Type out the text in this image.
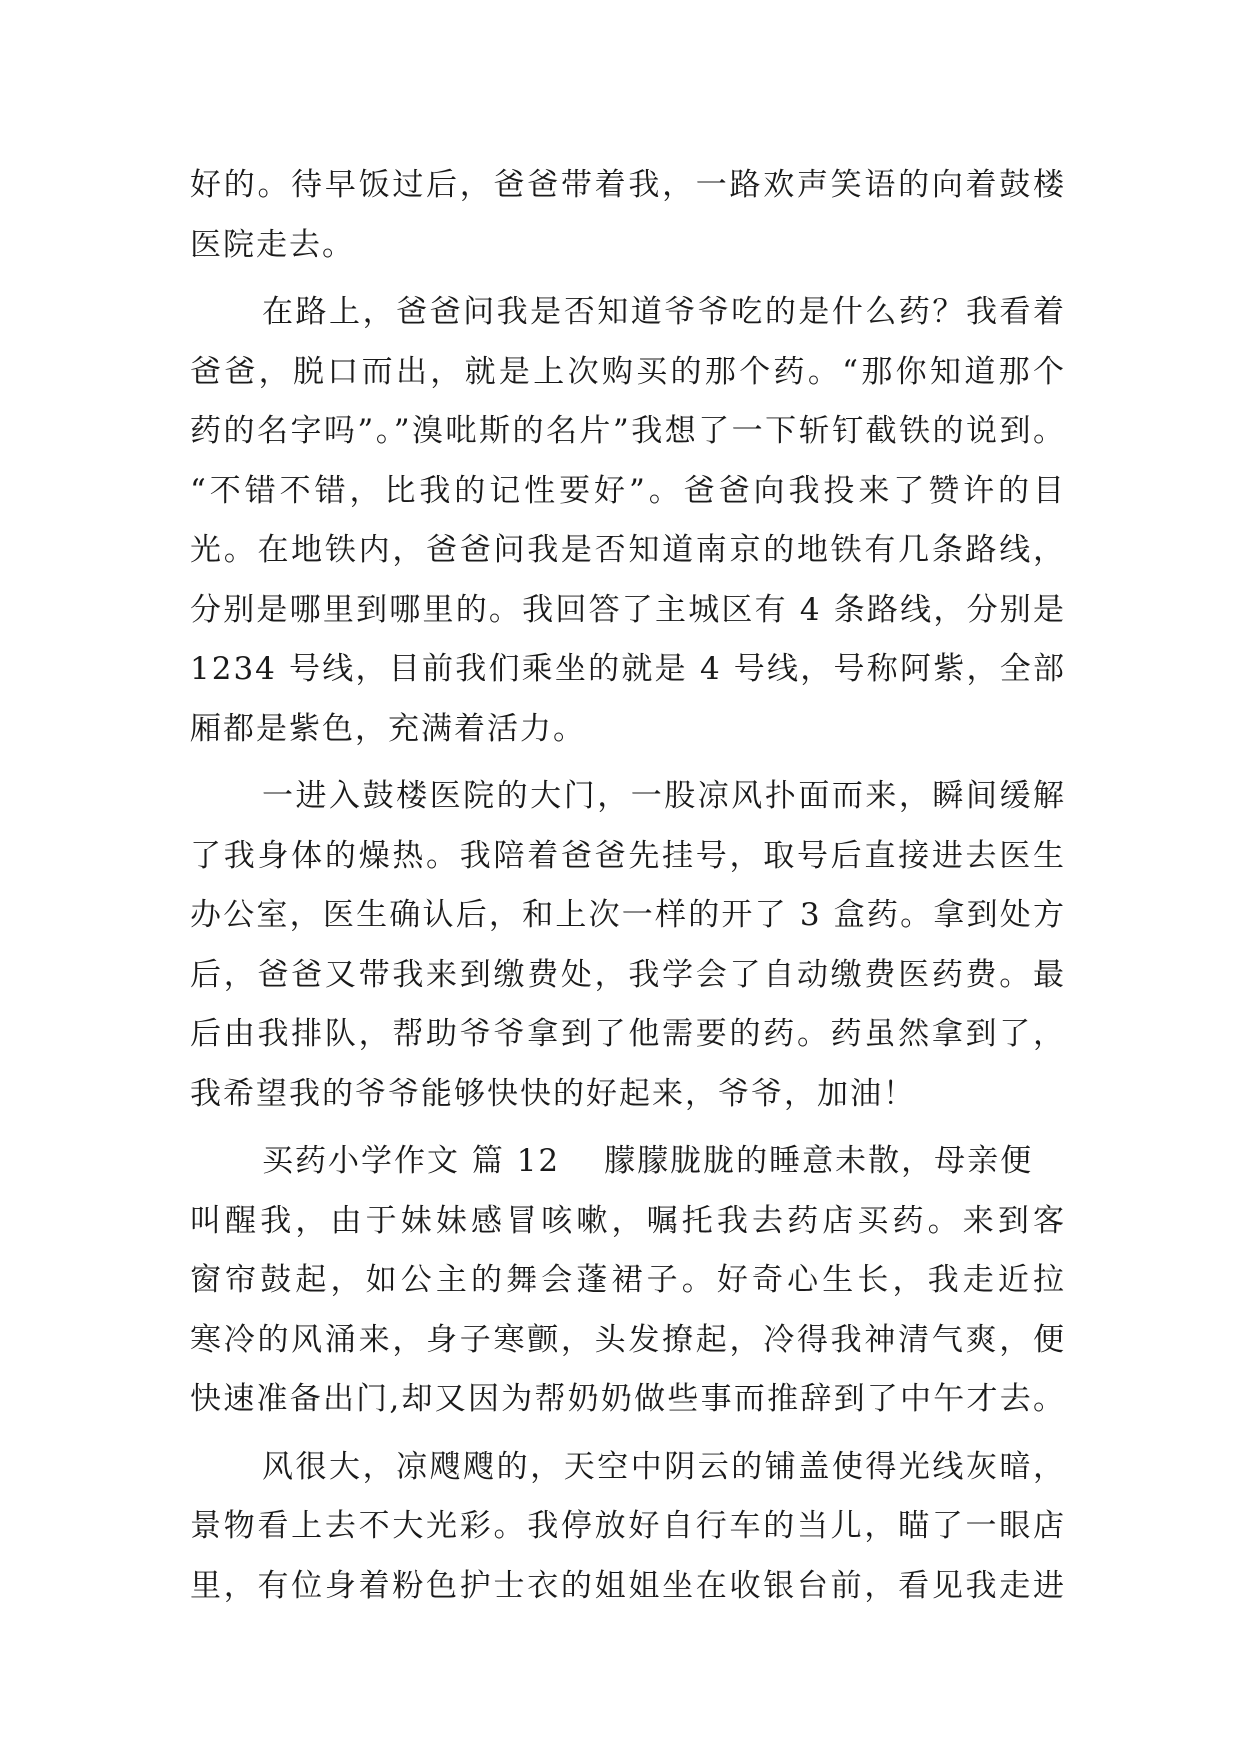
好的。待早饭过后，爸爸带着我，一路欢声笑语的向着鼓楼
医院走去。
在路上，爸爸问我是否知道爷爷吃的是什么药？我看着
爸爸，脱口而出，就是上次购买的那个药。“那你知道那个
药的名字吗”。”溴吡斯的名片”我想了一下斩钉截铁的说到。
“不错不错，比我的记性要好”。爸爸向我投来了赞许的目
光。在地铁内，爸爸问我是否知道南京的地铁有几条路线，
分别是哪里到哪里的。我回答了主城区有 4 条路线，分别是
1234 号线，目前我们乘坐的就是 4 号线，号称阿紫，全部
厢都是紫色，充满着活力。
一进入鼓楼医院的大门，一股凉风扑面而来，瞬间缓解
了我身体的燥热。我陪着爸爸先挂号，取号后直接进去医生
办公室，医生确认后，和上次一样的开了 3 盒药。拿到处方
后，爸爸又带我来到缴费处，我学会了自动缴费医药费。最
后由我排队，帮助爷爷拿到了他需要的药。药虽然拿到了，
我希望我的爷爷能够快快的好起来，爷爷，加油！
买药小学作文 篇 12 朦朦胧胧的睡意未散，母亲便
叫醒我，由于妹妹感冒咳嗽，嘱托我去药店买药。来到客
窗帘鼓起，如公主的舞会蓬裙子。好奇心生长，我走近拉
寒冷的风涌来，身子寒颤，头发撩起，冷得我神清气爽，便
快速准备出门,却又因为帮奶奶做些事而推辞到了中午才去。
风很大，凉飕飕的，天空中阴云的铺盖使得光线灰暗，
景物看上去不大光彩。我停放好自行车的当儿，瞄了一眼店
里，有位身着粉色护士衣的姐姐坐在收银台前，看见我走进
